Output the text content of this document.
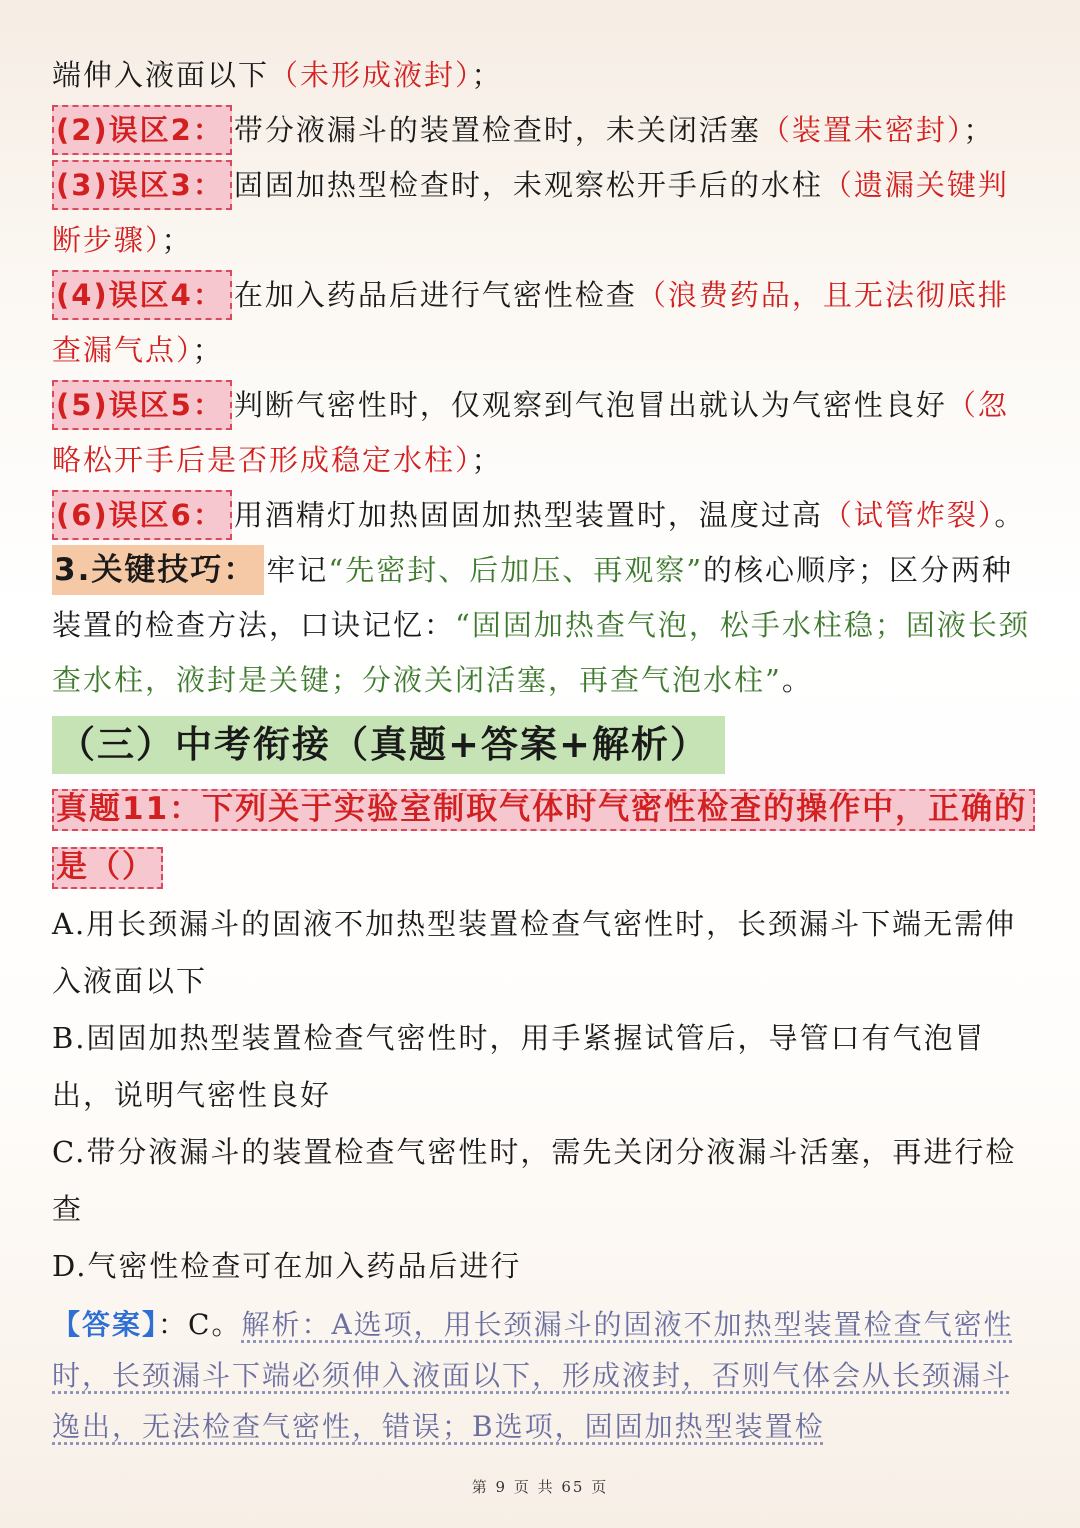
端伸入液面以下（未形成液封）；

(2)误区2： 带分液漏斗的装置检查时，未关闭活塞（装置未密封）；

(3)误区3： 固固加热型检查时，未观察松开手后的水柱（遗漏关键判断步骤）；

(4)误区4： 在加入药品后进行气密性检查（浪费药品，且无法彻底排查漏气点）；

(5)误区5： 判断气密性时，仅观察到气泡冒出就认为气密性良好（忽略松开手后是否形成稳定水柱）；

(6)误区6： 用酒精灯加热固固加热型装置时，温度过高（试管炸裂）。

3.关键技巧： 牢记“先密封、后加压、再观察”的核心顺序；区分两种装置的检查方法，口诀记忆：“固固加热查气泡，松手水柱稳；固液长颈查水柱，液封是关键；分液关闭活塞，再查气泡水柱”。

（三）中考衔接（真题+答案+解析）

真题11：下列关于实验室制取气体时气密性检查的操作中，正确的是（）

A.用长颈漏斗的固液不加热型装置检查气密性时，长颈漏斗下端无需伸入液面以下

B.固固加热型装置检查气密性时，用手紧握试管后，导管口有气泡冒出，说明气密性良好

C.带分液漏斗的装置检查气密性时，需先关闭分液漏斗活塞，再进行检查

D.气密性检查可在加入药品后进行

【答案】：C。解析：A选项，用长颈漏斗的固液不加热型装置检查气密性时，长颈漏斗下端必须伸入液面以下，形成液封，否则气体会从长颈漏斗逸出，无法检查气密性，错误；B选项，固固加热型装置检

第 9 页 共 65 页
